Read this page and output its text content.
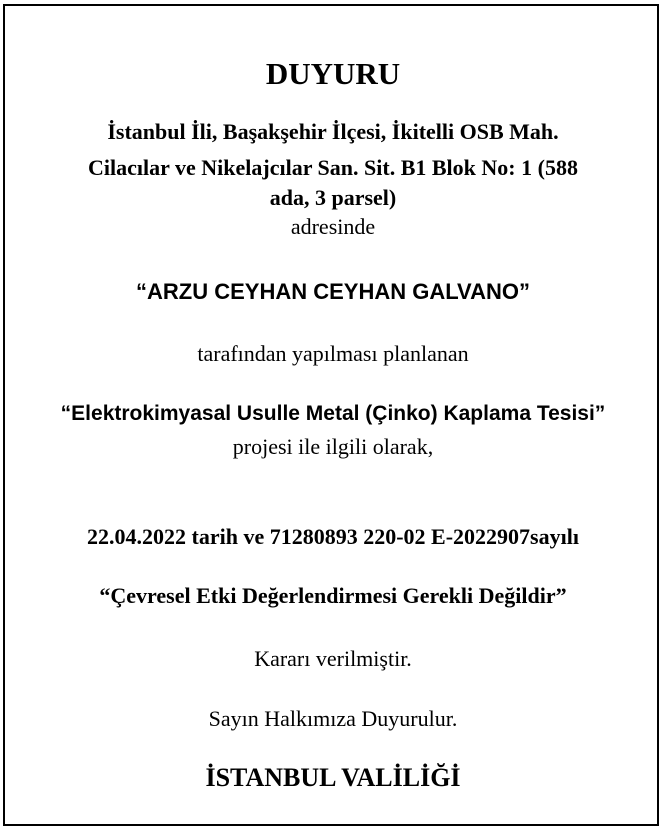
DUYURU
İstanbul İli, Başakşehir İlçesi, İkitelli OSB Mah.
Cilacılar ve Nikelajcılar San. Sit. B1 Blok No: 1 (588
ada, 3 parsel)
adresinde
“ARZU CEYHAN CEYHAN GALVANO”
tarafından yapılması planlanan
“Elektrokimyasal Usulle Metal (Çinko) Kaplama Tesisi”
projesi ile ilgili olarak,
22.04.2022 tarih ve 71280893 220-02 E-2022907sayılı
“Çevresel Etki Değerlendirmesi Gerekli Değildir”
Kararı verilmiştir.
Sayın Halkımıza Duyurulur.
İSTANBUL VALİLİĞİ
